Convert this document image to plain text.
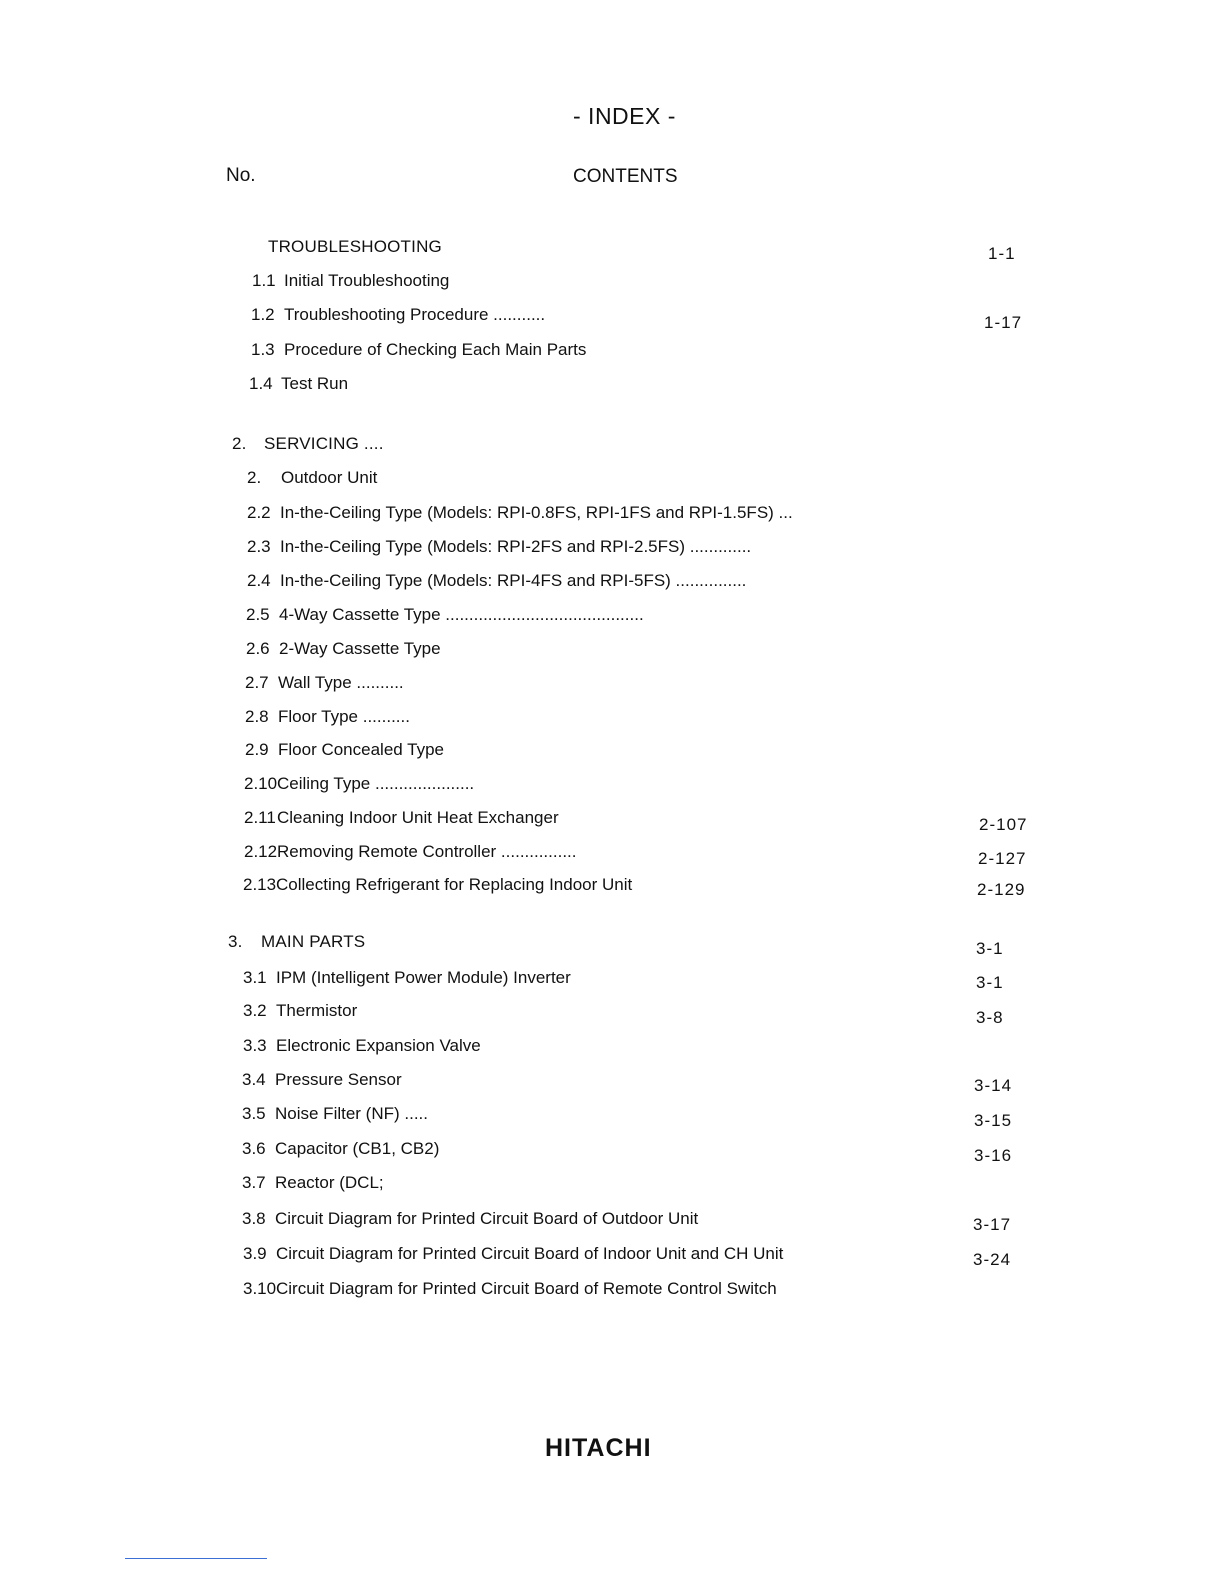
- INDEX -
No.	CONTENTS
TROUBLESHOOTING	1-1
1.1 Initial Troubleshooting
1.2 Troubleshooting Procedure ...........	1-17
1.3 Procedure of Checking Each Main Parts
1.4 Test Run
2. SERVICING ....
2. Outdoor Unit
2.2 In-the-Ceiling Type (Models: RPI-0.8FS, RPI-1FS and RPI-1.5FS) ...
2.3 In-the-Ceiling Type (Models: RPI-2FS and RPI-2.5FS) .............
2.4 In-the-Ceiling Type (Models: RPI-4FS and RPI-5FS) ...............
2.5 4-Way Cassette Type ..........................................
2.6 2-Way Cassette Type
2.7 Wall Type ..........
2.8 Floor Type ..........
2.9 Floor Concealed Type
2.10Ceiling Type .....................
2.11Cleaning Indoor Unit Heat Exchanger	2-107
2.12Removing Remote Controller ................	2-127
2.13Collecting Refrigerant for Replacing Indoor Unit	2-129
3. MAIN PARTS	3-1
3.1 IPM (Intelligent Power Module) Inverter	3-1
3.2 Thermistor	3-8
3.3 Electronic Expansion Valve
3.4 Pressure Sensor	3-14
3.5 Noise Filter (NF) .....	3-15
3.6 Capacitor (CB1, CB2)	3-16
3.7 Reactor (DCL;
3.8 Circuit Diagram for Printed Circuit Board of Outdoor Unit	3-17
3.9 Circuit Diagram for Printed Circuit Board of Indoor Unit and CH Unit	3-24
3.10Circuit Diagram for Printed Circuit Board of Remote Control Switch
HITACHI
